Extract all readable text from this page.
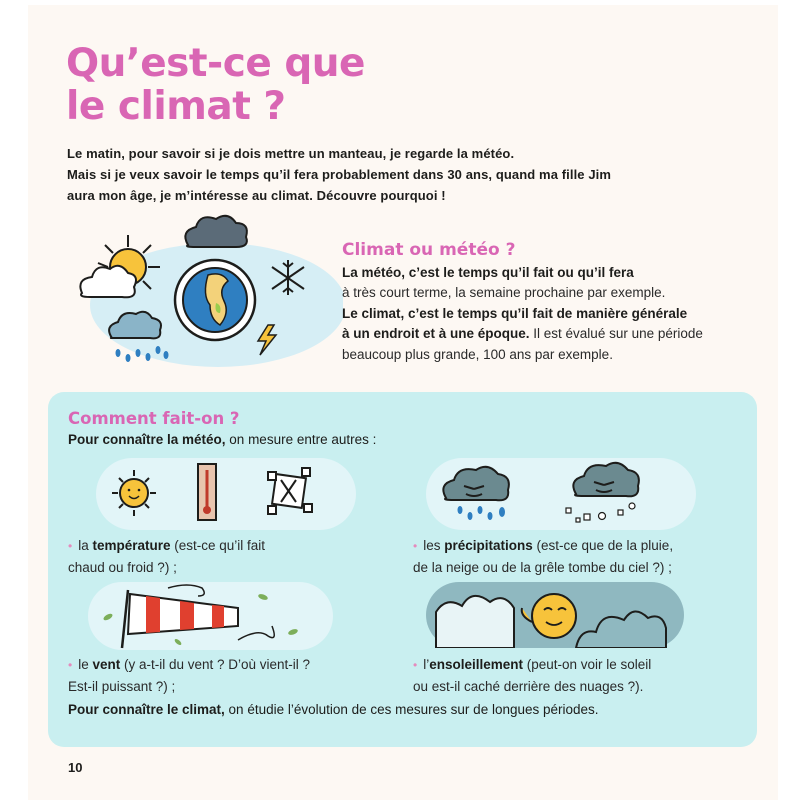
Qu’est-ce que
le climat ?

Le matin, pour savoir si je dois mettre un manteau, je regarde la météo.

Mais si je veux savoir le temps qu’il fera probablement dans 30 ans, quand ma fille Jim

aura mon âge, je m’intéresse au climat. Découvre pourquoi !

Climat ou météo ?

La météo, c’est le temps qu’il fait ou qu’il fera

à très court terme, la semaine prochaine par exemple.

Le climat, c’est le temps qu’il fait de manière générale

à un endroit et à une époque. Il est évalué sur une période

beaucoup plus grande, 100 ans par exemple.

Comment fait-on ?
Pour connaître la météo, on mesure entre autres :
• la température (est-ce qu’il fait
chaud ou froid ?) ;
• les précipitations (est-ce que de la pluie,
de la neige ou de la grêle tombe du ciel ?) ;
• le vent (y a-t-il du vent ? D’où vient-il ?
Est-il puissant ?) ;
• l’ensoleillement (peut-on voir le soleil
ou est-il caché derrière des nuages ?).
Pour connaître le climat, on étudie l’évolution de ces mesures sur de longues périodes.
10
